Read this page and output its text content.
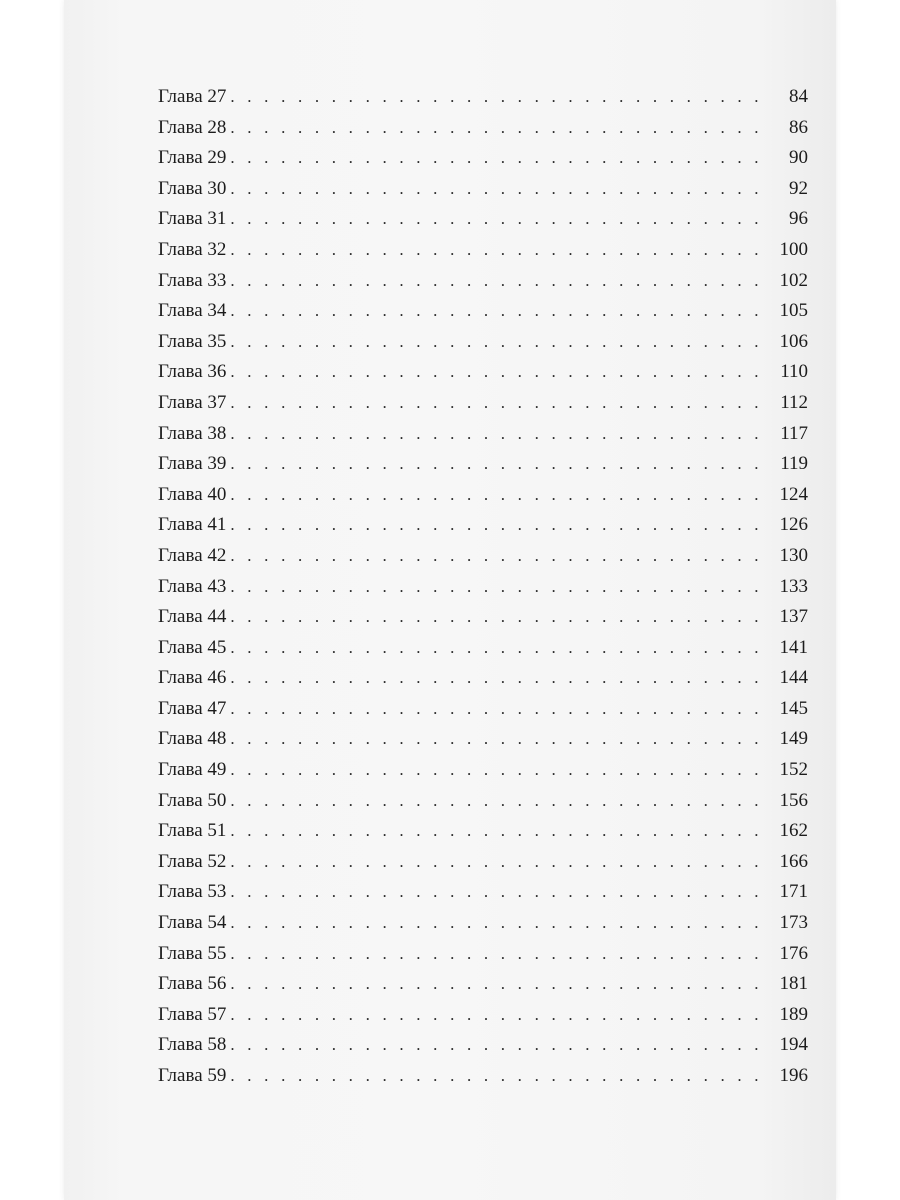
Глава 27 . . .	84
Глава 28 . . .	86
Глава 29 . . .	90
Глава 30 . . .	92
Глава 31 . . .	96
Глава 32 . . .	100
Глава 33 . . .	102
Глава 34 . . .	105
Глава 35 . . .	106
Глава 36 . . .	110
Глава 37 . . .	112
Глава 38 . . .	117
Глава 39 . . .	119
Глава 40 . . .	124
Глава 41 . . .	126
Глава 42 . . .	130
Глава 43 . . .	133
Глава 44 . . .	137
Глава 45 . . .	141
Глава 46 . . .	144
Глава 47 . . .	145
Глава 48 . . .	149
Глава 49 . . .	152
Глава 50 . . .	156
Глава 51 . . .	162
Глава 52 . . .	166
Глава 53 . . .	171
Глава 54 . . .	173
Глава 55 . . .	176
Глава 56 . . .	181
Глава 57 . . .	189
Глава 58 . . .	194
Глава 59 . . .	196
